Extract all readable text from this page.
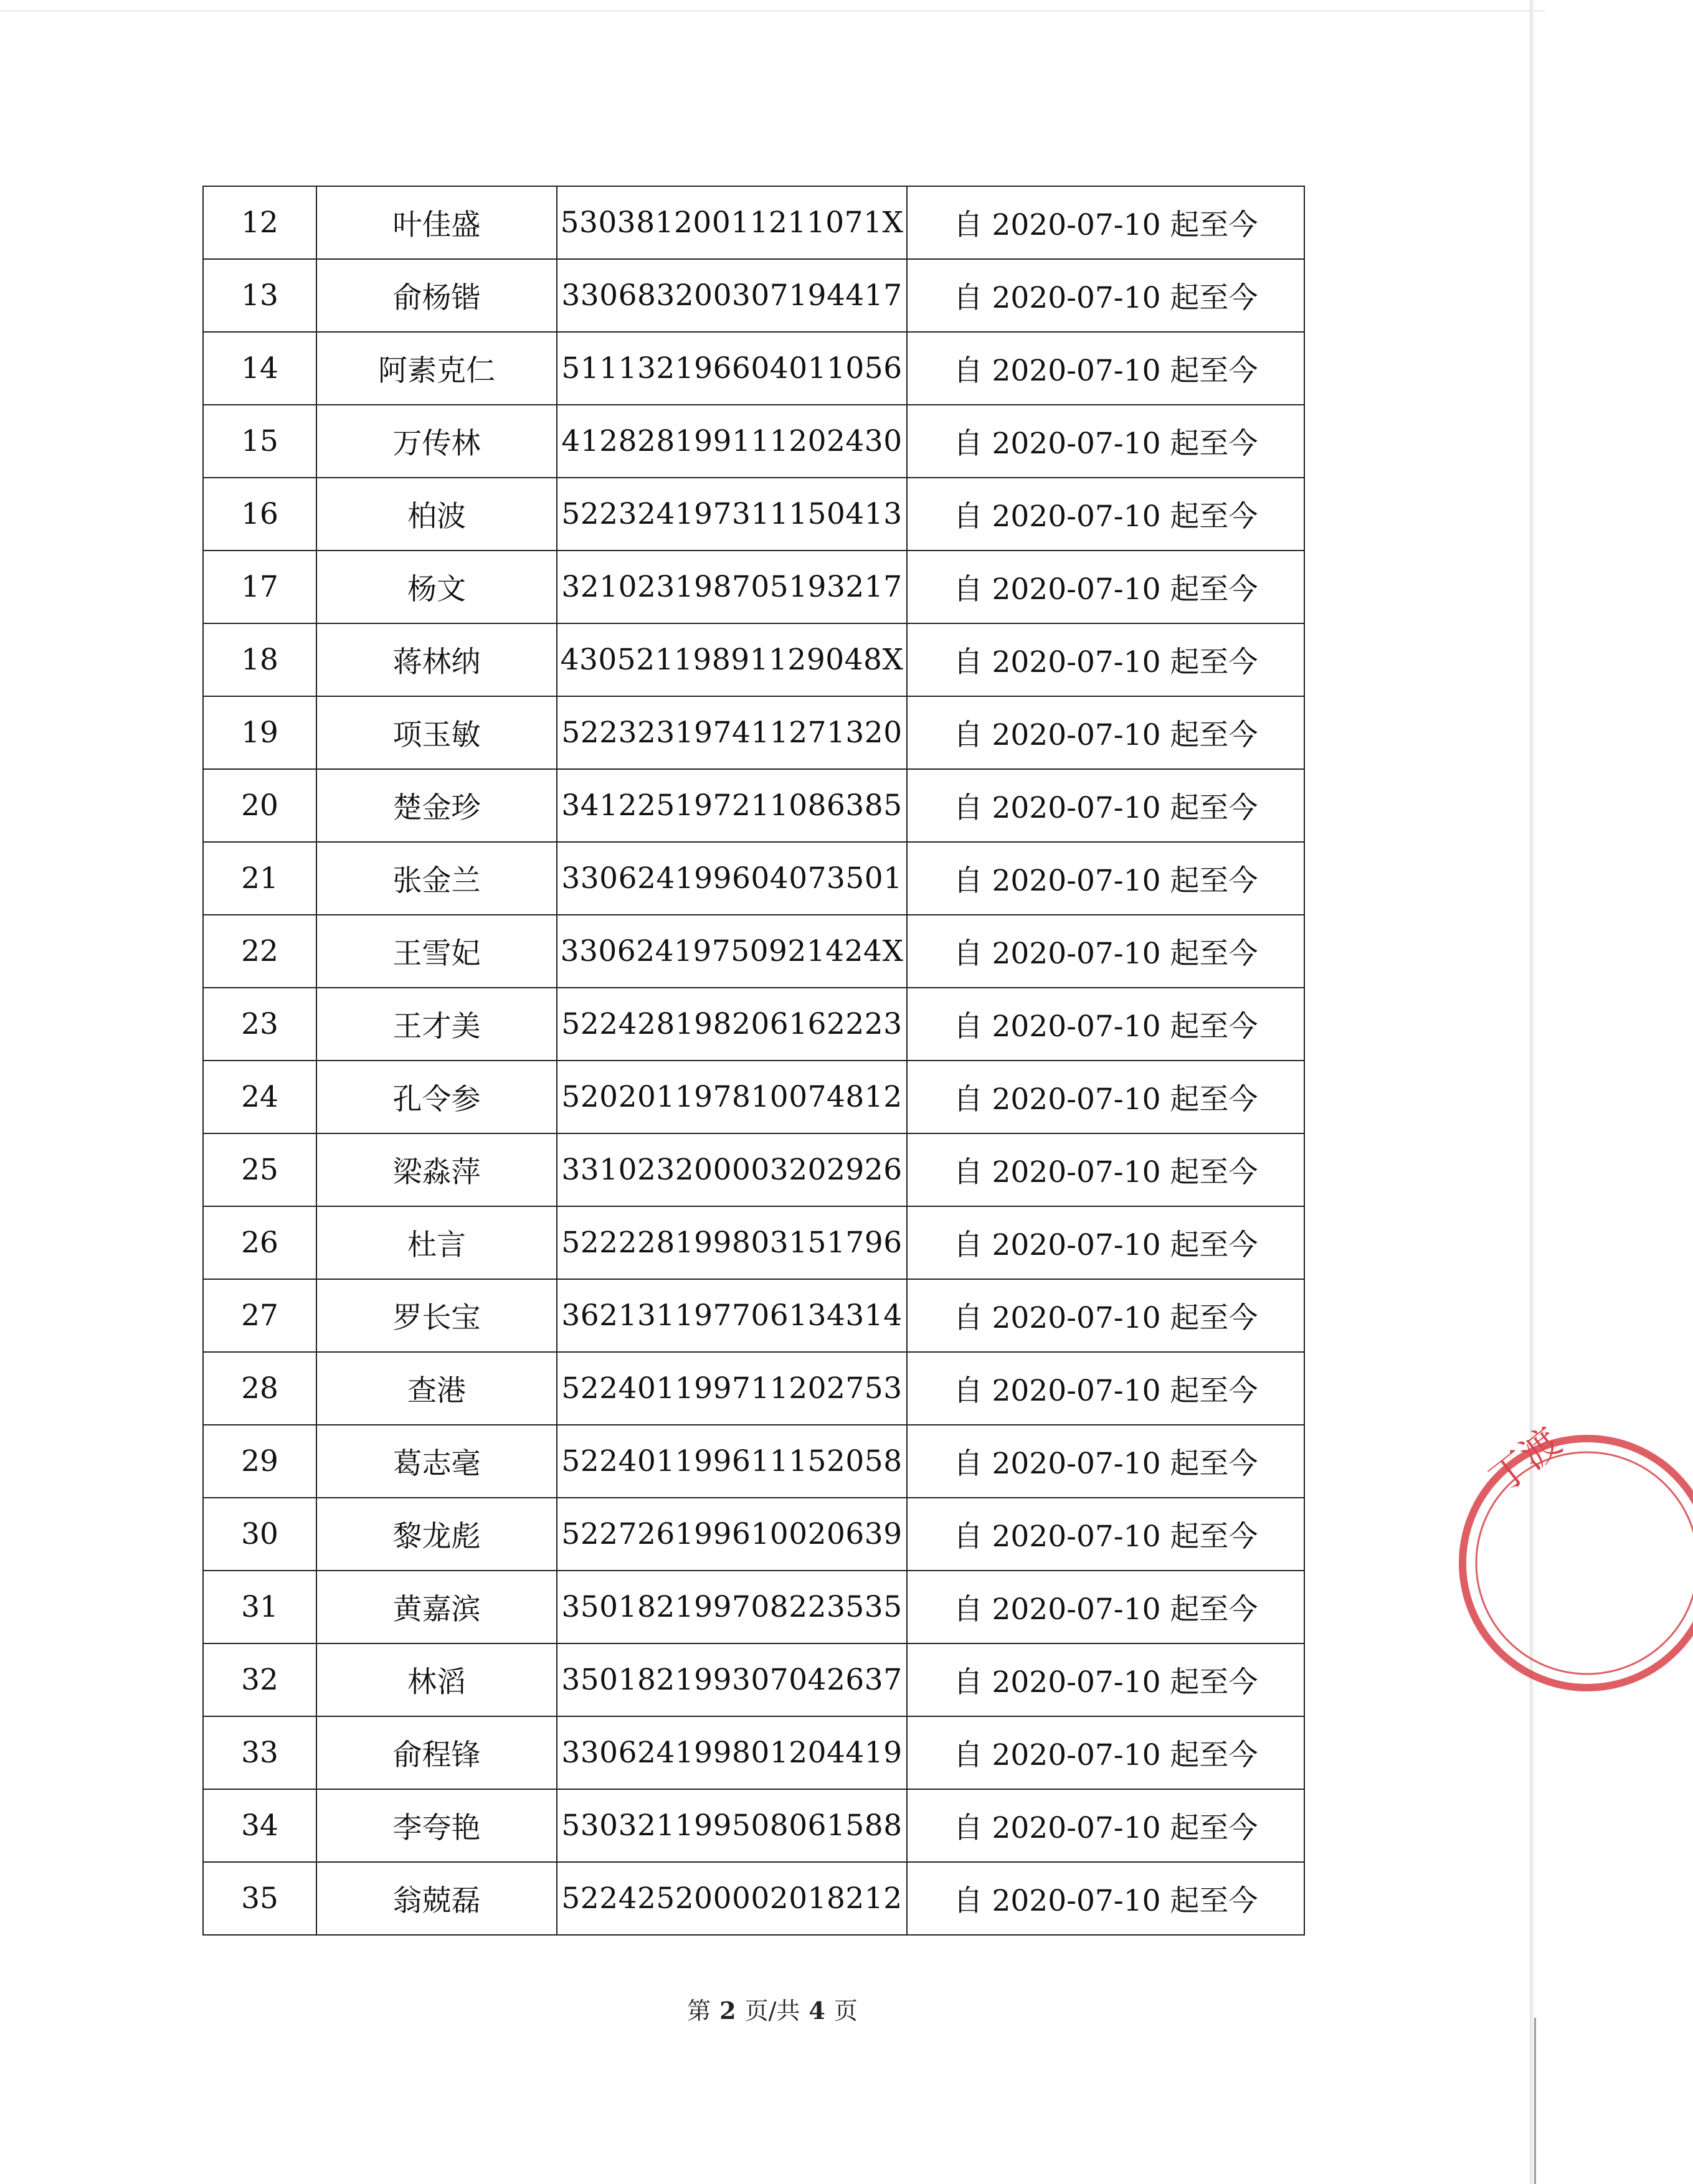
12	叶佳盛	53038120011211071X	自 2020-07-10 起至今
13	俞杨锴	330683200307194417	自 2020-07-10 起至今
14	阿素克仁	511132196604011056	自 2020-07-10 起至今
15	万传林	412828199111202430	自 2020-07-10 起至今
16	柏波	522324197311150413	自 2020-07-10 起至今
17	杨文	321023198705193217	自 2020-07-10 起至今
18	蒋林纳	43052119891129048X	自 2020-07-10 起至今
19	项玉敏	522323197411271320	自 2020-07-10 起至今
20	楚金珍	341225197211086385	自 2020-07-10 起至今
21	张金兰	330624199604073501	自 2020-07-10 起至今
22	王雪妃	33062419750921424X	自 2020-07-10 起至今
23	王才美	522428198206162223	自 2020-07-10 起至今
24	孔令参	520201197810074812	自 2020-07-10 起至今
25	梁淼萍	331023200003202926	自 2020-07-10 起至今
26	杜言	522228199803151796	自 2020-07-10 起至今
27	罗长宝	362131197706134314	自 2020-07-10 起至今
28	查港	522401199711202753	自 2020-07-10 起至今
29	葛志毫	522401199611152058	自 2020-07-10 起至今
30	黎龙彪	522726199610020639	自 2020-07-10 起至今
31	黄嘉滨	350182199708223535	自 2020-07-10 起至今
32	林滔	350182199307042637	自 2020-07-10 起至今
33	俞程锋	330624199801204419	自 2020-07-10 起至今
34	李夸艳	530321199508061588	自 2020-07-10 起至今
35	翁兢磊	522425200002018212	自 2020-07-10 起至今
第 2 页/共 4 页
丁渡
